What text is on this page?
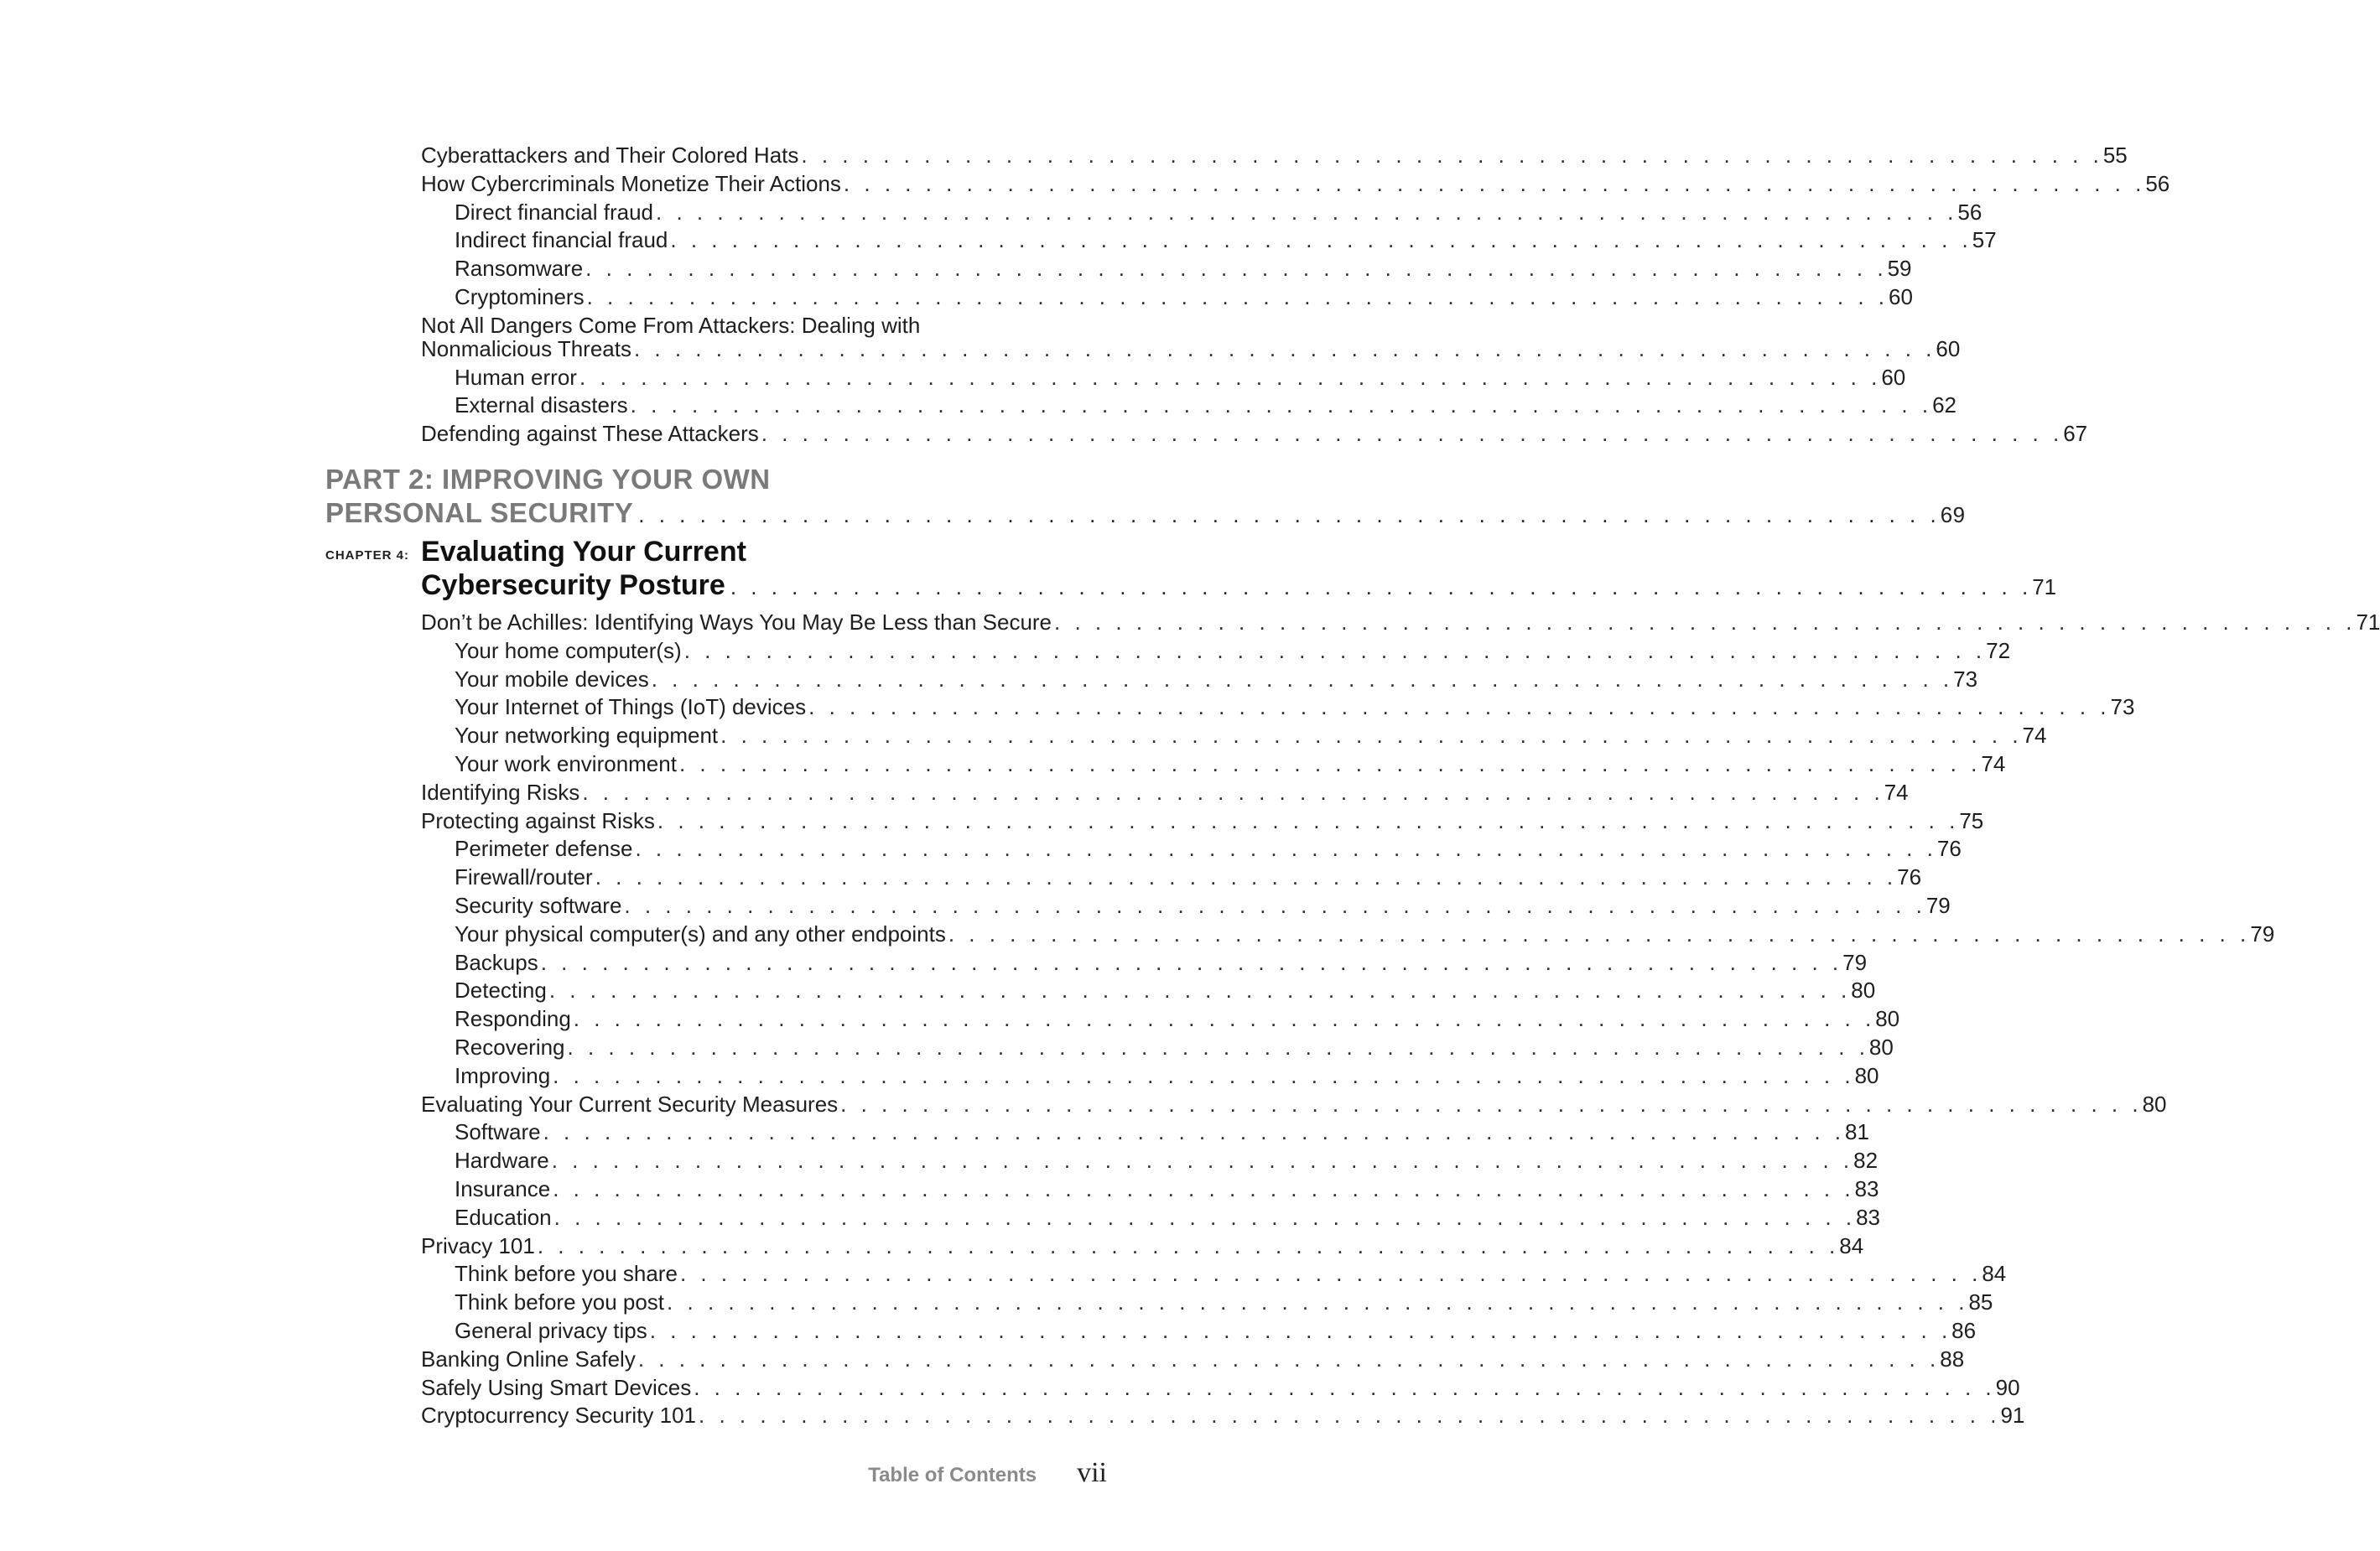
Cyberattackers and Their Colored Hats . . . . . . . . . . . . . . . . . . . . . . . . . . . . . . . . . . . . . . . . . . . . . . . . . . . . . . . . . . . . . . . . 55
How Cybercriminals Monetize Their Actions . . . . . . . . . . . . . . . . . . . . . . . . . . . . . . . . . . . . . . . . . . . . . . . . . . . . . . . . . . . . . . . . 56
Direct financial fraud . . . . . . . . . . . . . . . . . . . . . . . . . . . . . . . . . . . . . . . . . . . . . . . . . . . . . . . . . . . . . . . . 56
Indirect financial fraud . . . . . . . . . . . . . . . . . . . . . . . . . . . . . . . . . . . . . . . . . . . . . . . . . . . . . . . . . . . . . . . . 57
Ransomware . . . . . . . . . . . . . . . . . . . . . . . . . . . . . . . . . . . . . . . . . . . . . . . . . . . . . . . . . . . . . . . . 59
Cryptominers . . . . . . . . . . . . . . . . . . . . . . . . . . . . . . . . . . . . . . . . . . . . . . . . . . . . . . . . . . . . . . . . 60
Not All Dangers Come From Attackers: Dealing with
Nonmalicious Threats . . . . . . . . . . . . . . . . . . . . . . . . . . . . . . . . . . . . . . . . . . . . . . . . . . . . . . . . . . . . . . . . 60
Human error . . . . . . . . . . . . . . . . . . . . . . . . . . . . . . . . . . . . . . . . . . . . . . . . . . . . . . . . . . . . . . . . 60
External disasters . . . . . . . . . . . . . . . . . . . . . . . . . . . . . . . . . . . . . . . . . . . . . . . . . . . . . . . . . . . . . . . . 62
Defending against These Attackers . . . . . . . . . . . . . . . . . . . . . . . . . . . . . . . . . . . . . . . . . . . . . . . . . . . . . . . . . . . . . . . . 67
PART 2: IMPROVING YOUR OWN
PERSONAL SECURITY . . . . . . . . . . . . . . . . . . . . . . . . . . . . . . . . . . . . . . . . . . . . . . . . . . . . . . . . . . . . . . . . 69
CHAPTER 4: Evaluating Your Current
Cybersecurity Posture . . . . . . . . . . . . . . . . . . . . . . . . . . . . . . . . . . . . . . . . . . . . . . . . . . . . . . . . . . . . . . . . 71
Don’t be Achilles: Identifying Ways You May Be Less than Secure . . . . . . . . . . . . . . . . . . . . . . . . . . . . . . . . . . . . . . . . . . . . . . . . . . . . . . . . . . . . . . . . 71
Your home computer(s) . . . . . . . . . . . . . . . . . . . . . . . . . . . . . . . . . . . . . . . . . . . . . . . . . . . . . . . . . . . . . . . . 72
Your mobile devices . . . . . . . . . . . . . . . . . . . . . . . . . . . . . . . . . . . . . . . . . . . . . . . . . . . . . . . . . . . . . . . . 73
Your Internet of Things (IoT) devices . . . . . . . . . . . . . . . . . . . . . . . . . . . . . . . . . . . . . . . . . . . . . . . . . . . . . . . . . . . . . . . . 73
Your networking equipment . . . . . . . . . . . . . . . . . . . . . . . . . . . . . . . . . . . . . . . . . . . . . . . . . . . . . . . . . . . . . . . . 74
Your work environment . . . . . . . . . . . . . . . . . . . . . . . . . . . . . . . . . . . . . . . . . . . . . . . . . . . . . . . . . . . . . . . . 74
Identifying Risks . . . . . . . . . . . . . . . . . . . . . . . . . . . . . . . . . . . . . . . . . . . . . . . . . . . . . . . . . . . . . . . . 74
Protecting against Risks . . . . . . . . . . . . . . . . . . . . . . . . . . . . . . . . . . . . . . . . . . . . . . . . . . . . . . . . . . . . . . . . 75
Perimeter defense . . . . . . . . . . . . . . . . . . . . . . . . . . . . . . . . . . . . . . . . . . . . . . . . . . . . . . . . . . . . . . . . 76
Firewall/router . . . . . . . . . . . . . . . . . . . . . . . . . . . . . . . . . . . . . . . . . . . . . . . . . . . . . . . . . . . . . . . . 76
Security software . . . . . . . . . . . . . . . . . . . . . . . . . . . . . . . . . . . . . . . . . . . . . . . . . . . . . . . . . . . . . . . . 79
Your physical computer(s) and any other endpoints . . . . . . . . . . . . . . . . . . . . . . . . . . . . . . . . . . . . . . . . . . . . . . . . . . . . . . . . . . . . . . . . 79
Backups . . . . . . . . . . . . . . . . . . . . . . . . . . . . . . . . . . . . . . . . . . . . . . . . . . . . . . . . . . . . . . . . 79
Detecting . . . . . . . . . . . . . . . . . . . . . . . . . . . . . . . . . . . . . . . . . . . . . . . . . . . . . . . . . . . . . . . . 80
Responding . . . . . . . . . . . . . . . . . . . . . . . . . . . . . . . . . . . . . . . . . . . . . . . . . . . . . . . . . . . . . . . . 80
Recovering . . . . . . . . . . . . . . . . . . . . . . . . . . . . . . . . . . . . . . . . . . . . . . . . . . . . . . . . . . . . . . . . 80
Improving . . . . . . . . . . . . . . . . . . . . . . . . . . . . . . . . . . . . . . . . . . . . . . . . . . . . . . . . . . . . . . . . 80
Evaluating Your Current Security Measures . . . . . . . . . . . . . . . . . . . . . . . . . . . . . . . . . . . . . . . . . . . . . . . . . . . . . . . . . . . . . . . . 80
Software . . . . . . . . . . . . . . . . . . . . . . . . . . . . . . . . . . . . . . . . . . . . . . . . . . . . . . . . . . . . . . . . 81
Hardware . . . . . . . . . . . . . . . . . . . . . . . . . . . . . . . . . . . . . . . . . . . . . . . . . . . . . . . . . . . . . . . . 82
Insurance . . . . . . . . . . . . . . . . . . . . . . . . . . . . . . . . . . . . . . . . . . . . . . . . . . . . . . . . . . . . . . . . 83
Education . . . . . . . . . . . . . . . . . . . . . . . . . . . . . . . . . . . . . . . . . . . . . . . . . . . . . . . . . . . . . . . . 83
Privacy 101 . . . . . . . . . . . . . . . . . . . . . . . . . . . . . . . . . . . . . . . . . . . . . . . . . . . . . . . . . . . . . . . . 84
Think before you share . . . . . . . . . . . . . . . . . . . . . . . . . . . . . . . . . . . . . . . . . . . . . . . . . . . . . . . . . . . . . . . . 84
Think before you post . . . . . . . . . . . . . . . . . . . . . . . . . . . . . . . . . . . . . . . . . . . . . . . . . . . . . . . . . . . . . . . . 85
General privacy tips . . . . . . . . . . . . . . . . . . . . . . . . . . . . . . . . . . . . . . . . . . . . . . . . . . . . . . . . . . . . . . . . 86
Banking Online Safely . . . . . . . . . . . . . . . . . . . . . . . . . . . . . . . . . . . . . . . . . . . . . . . . . . . . . . . . . . . . . . . . 88
Safely Using Smart Devices . . . . . . . . . . . . . . . . . . . . . . . . . . . . . . . . . . . . . . . . . . . . . . . . . . . . . . . . . . . . . . . . 90
Cryptocurrency Security 101 . . . . . . . . . . . . . . . . . . . . . . . . . . . . . . . . . . . . . . . . . . . . . . . . . . . . . . . . . . . . . . . . 91
Table of Contents vii
